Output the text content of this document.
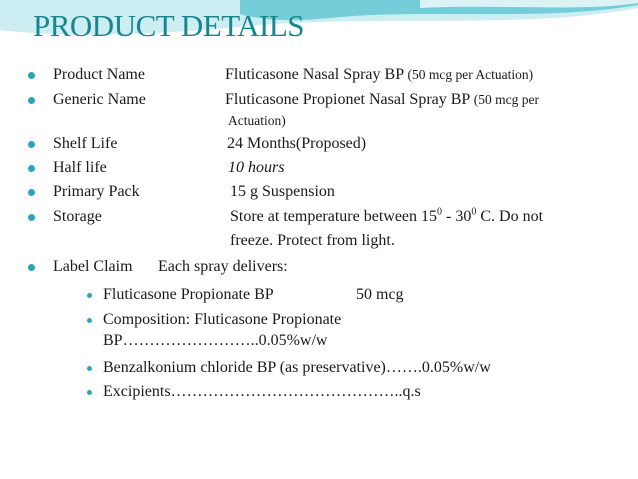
PRODUCT DETAILS
Product Name	Fluticasone Nasal Spray BP (50 mcg per Actuation)
Generic Name	Fluticasone Propionet Nasal Spray BP (50 mcg per
Actuation)
Shelf Life	24 Months(Proposed)
Half life	10 hours
Primary Pack	15 g Suspension
Storage	Store at temperature between $15^0 - 30^0$ C. Do not
freeze. Protect from light.
Label Claim Each spray delivers:
Fluticasone Propionate BP	50 mcg
Composition: Fluticasone Propionate
BP……………………..0.05%w/w
Benzalkonium chloride BP (as preservative)…….0.05%w/w
Excipients……………………………………..q.s
